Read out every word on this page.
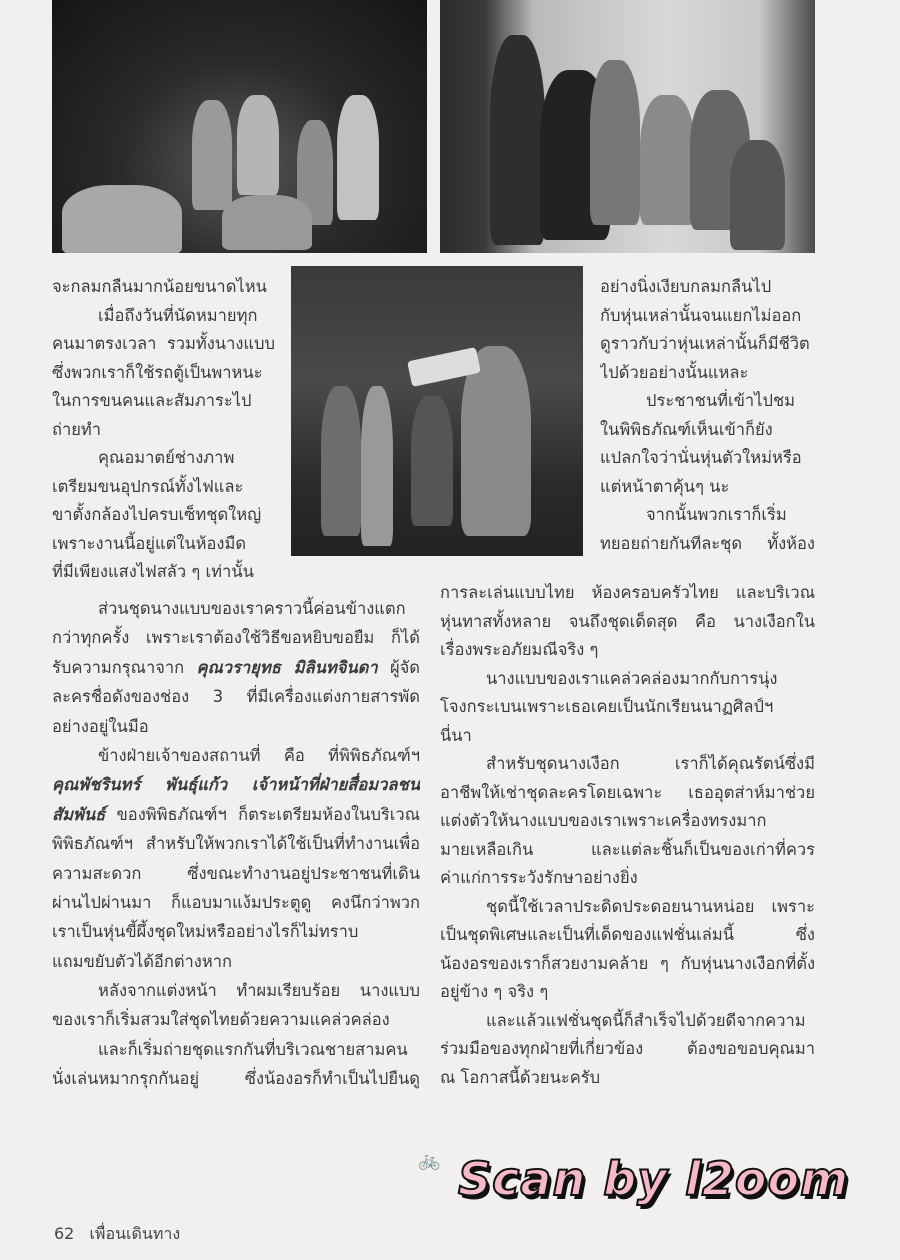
จะกลมกลืนมากน้อยขนาดไหน
เมื่อถึงวันที่นัดหมายทุก
คนมาตรงเวลา รวมทั้งนางแบบ
ซึ่งพวกเราก็ใช้รถตู้เป็นพาหนะ
ในการขนคนและสัมภาระไป
ถ่ายทำ
คุณอมาตย์ช่างภาพ
เตรียมขนอุปกรณ์ทั้งไฟและ
ขาตั้งกล้องไปครบเซ็ทชุดใหญ่
เพราะงานนี้อยู่แต่ในห้องมืด
ที่มีเพียงแสงไฟสลัว ๆ เท่านั้น
อย่างนิ่งเงียบกลมกลืนไป
กับหุ่นเหล่านั้นจนแยกไม่ออก
ดูราวกับว่าหุ่นเหล่านั้นก็มีชีวิต
ไปด้วยอย่างนั้นแหละ
ประชาชนที่เข้าไปชม
ในพิพิธภัณฑ์เห็นเข้าก็ยัง
แปลกใจว่านั่นหุ่นตัวใหม่หรือ
แต่หน้าตาคุ้นๆ นะ
จากนั้นพวกเราก็เริ่ม
ทยอยถ่ายกันทีละชุด ทั้งห้อง
ส่วนชุดนางแบบของเราคราวนี้ค่อนข้างแตก
กว่าทุกครั้ง เพราะเราต้องใช้วิธีขอหยิบขอยืม ก็ได้
รับความกรุณาจาก คุณวรายุทธ มิลินทจินดา ผู้จัด
ละครชื่อดังของช่อง 3 ที่มีเครื่องแต่งกายสารพัด
อย่างอยู่ในมือ
ข้างฝ่ายเจ้าของสถานที่ คือ ที่พิพิธภัณฑ์ฯ
คุณพัชรินทร์ พันธุ์แก้ว เจ้าหน้าที่ฝ่ายสื่อมวลชน
สัมพันธ์ ของพิพิธภัณฑ์ฯ ก็ตระเตรียมห้องในบริเวณ
พิพิธภัณฑ์ฯ สำหรับให้พวกเราได้ใช้เป็นที่ทำงานเพื่อ
ความสะดวก ซึ่งขณะทำงานอยู่ประชาชนที่เดิน
ผ่านไปผ่านมา ก็แอบมาแง้มประตูดู คงนึกว่าพวก
เราเป็นหุ่นขี้ผึ้งชุดใหม่หรืออย่างไรก็ไม่ทราบ
แถมขยับตัวได้อีกต่างหาก
หลังจากแต่งหน้า ทำผมเรียบร้อย นางแบบ
ของเราก็เริ่มสวมใส่ชุดไทยด้วยความแคล่วคล่อง
และก็เริ่มถ่ายชุดแรกกันที่บริเวณชายสามคน
นั่งเล่นหมากรุกกันอยู่ ซึ่งน้องอรก็ทำเป็นไปยืนดู
การละเล่นแบบไทย ห้องครอบครัวไทย และบริเวณ
หุ่นทาสทั้งหลาย จนถึงชุดเด็ดสุด คือ นางเงือกใน
เรื่องพระอภัยมณีจริง ๆ
นางแบบของเราแคล่วคล่องมากกับการนุ่ง
โจงกระเบนเพราะเธอเคยเป็นนักเรียนนาฏศิลป์ฯ
นี่นา
สำหรับชุดนางเงือก เราก็ได้คุณรัตน์ซึ่งมี
อาชีพให้เช่าชุดละครโดยเฉพาะ เธออุตส่าห์มาช่วย
แต่งตัวให้นางแบบของเราเพราะเครื่องทรงมาก
มายเหลือเกิน และแต่ละชิ้นก็เป็นของเก่าที่ควร
ค่าแก่การระวังรักษาอย่างยิ่ง
ชุดนี้ใช้เวลาประดิดประดอยนานหน่อย เพราะ
เป็นชุดพิเศษและเป็นที่เด็ดของแฟชั่นเล่มนี้ ซึ่ง
น้องอรของเราก็สวยงามคล้าย ๆ กับหุ่นนางเงือกที่ตั้ง
อยู่ข้าง ๆ จริง ๆ
และแล้วแฟชั่นชุดนี้ก็สำเร็จไปด้วยดีจากความ
ร่วมมือของทุกฝ่ายที่เกี่ยวข้อง ต้องขอขอบคุณมา
ณ โอกาสนี้ด้วยนะครับ
🚲 Scan by l2oom
62 เพื่อนเดินทาง
